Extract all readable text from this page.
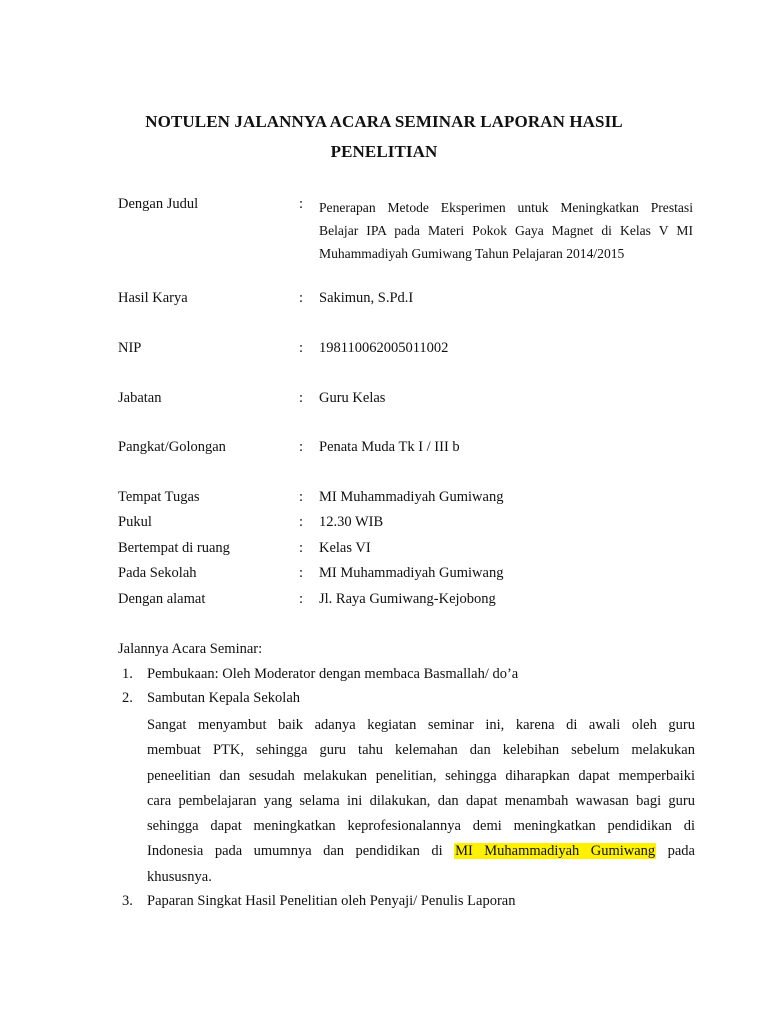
NOTULEN JALANNYA ACARA SEMINAR LAPORAN HASIL
PENELITIAN
Dengan Judul	: Penerapan Metode Eksperimen untuk Meningkatkan Prestasi
Belajar IPA pada Materi Pokok Gaya Magnet di Kelas V MI
Muhammadiyah Gumiwang Tahun Pelajaran 2014/2015
Hasil Karya	: Sakimun, S.Pd.I
NIP	: 198110062005011002
Jabatan	: Guru Kelas
Pangkat/Golongan	: Penata Muda Tk I / III b
Tempat Tugas	: MI Muhammadiyah Gumiwang
Pukul	: 12.30 WIB
Bertempat di ruang	: Kelas VI
Pada Sekolah	: MI Muhammadiyah Gumiwang
Dengan alamat	: Jl. Raya Gumiwang-Kejobong
Jalannya Acara Seminar:
1. Pembukaan: Oleh Moderator dengan membaca Basmallah/ do’a
2. Sambutan Kepala Sekolah
Sangat menyambut baik adanya kegiatan seminar ini, karena di awali oleh guru
membuat PTK, sehingga guru tahu kelemahan dan kelebihan sebelum melakukan
peneelitian dan sesudah melakukan penelitian, sehingga diharapkan dapat memperbaiki
cara pembelajaran yang selama ini dilakukan, dan dapat menambah wawasan bagi guru
sehingga dapat meningkatkan keprofesionalannya demi meningkatkan pendidikan di
Indonesia pada umumnya dan pendidikan di MI Muhammadiyah Gumiwang pada
khususnya.
3. Paparan Singkat Hasil Penelitian oleh Penyaji/ Penulis Laporan
